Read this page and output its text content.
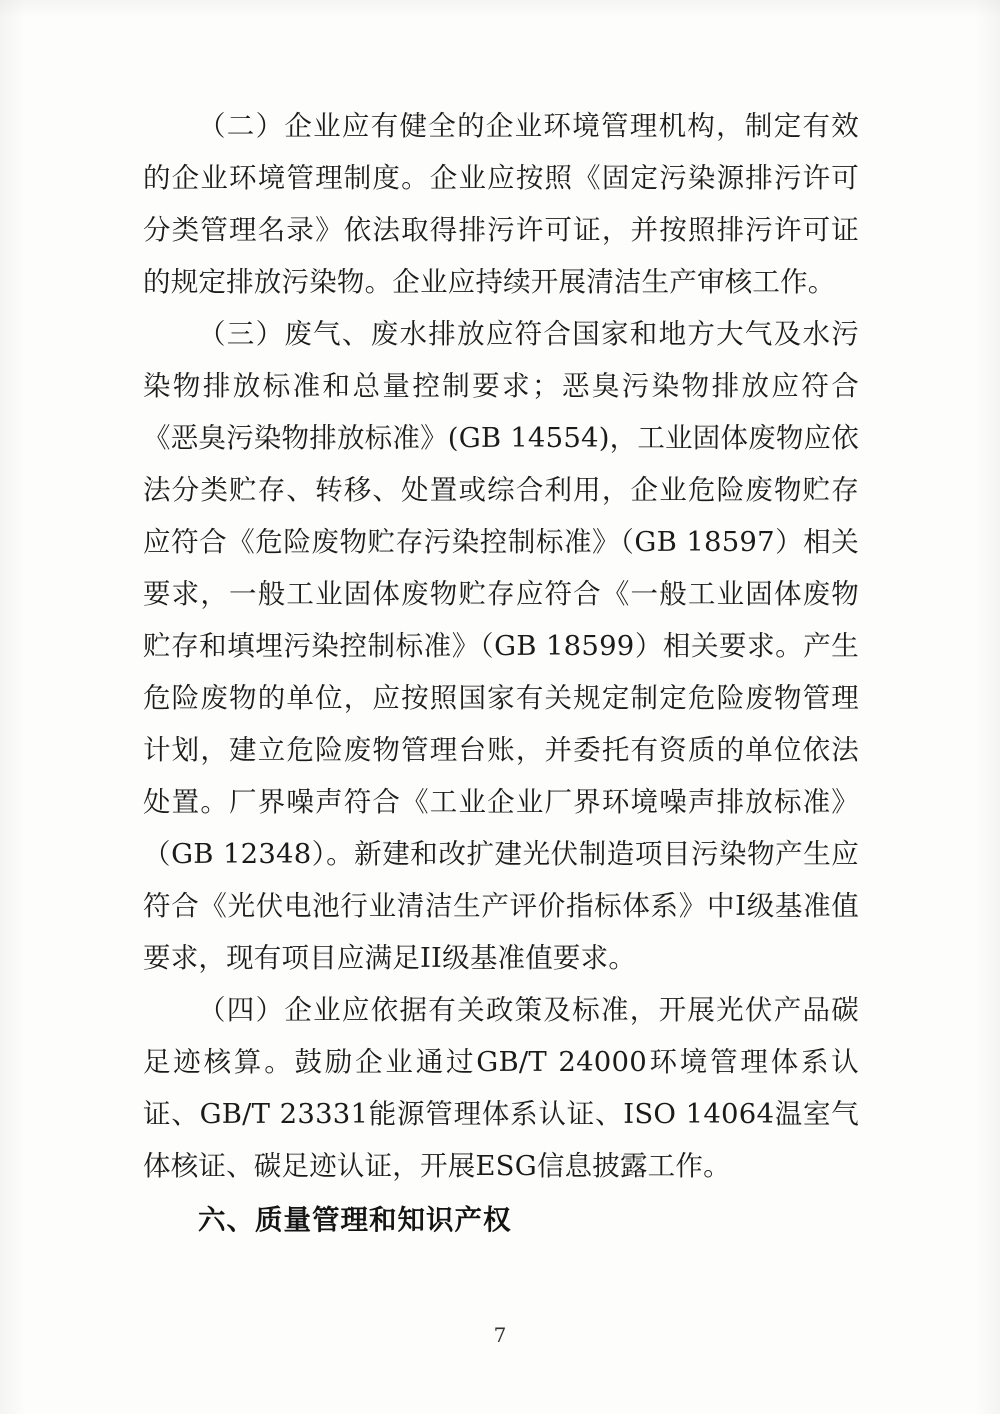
（二）企业应有健全的企业环境管理机构，制定有效的企业环境管理制度。企业应按照《固定污染源排污许可分类管理名录》依法取得排污许可证，并按照排污许可证的规定排放污染物。企业应持续开展清洁生产审核工作。

（三）废气、废水排放应符合国家和地方大气及水污染物排放标准和总量控制要求；恶臭污染物排放应符合《恶臭污染物排放标准》(GB 14554)，工业固体废物应依法分类贮存、转移、处置或综合利用，企业危险废物贮存应符合《危险废物贮存污染控制标准》（GB 18597）相关要求，一般工业固体废物贮存应符合《一般工业固体废物贮存和填埋污染控制标准》（GB 18599）相关要求。产生危险废物的单位，应按照国家有关规定制定危险废物管理计划，建立危险废物管理台账，并委托有资质的单位依法处置。厂界噪声符合《工业企业厂界环境噪声排放标准》（GB 12348）。新建和改扩建光伏制造项目污染物产生应符合《光伏电池行业清洁生产评价指标体系》中I级基准值要求，现有项目应满足II级基准值要求。

（四）企业应依据有关政策及标准，开展光伏产品碳足迹核算。鼓励企业通过GB/T 24000环境管理体系认证、GB/T 23331能源管理体系认证、ISO 14064温室气体核证、碳足迹认证，开展ESG信息披露工作。

六、质量管理和知识产权

7
